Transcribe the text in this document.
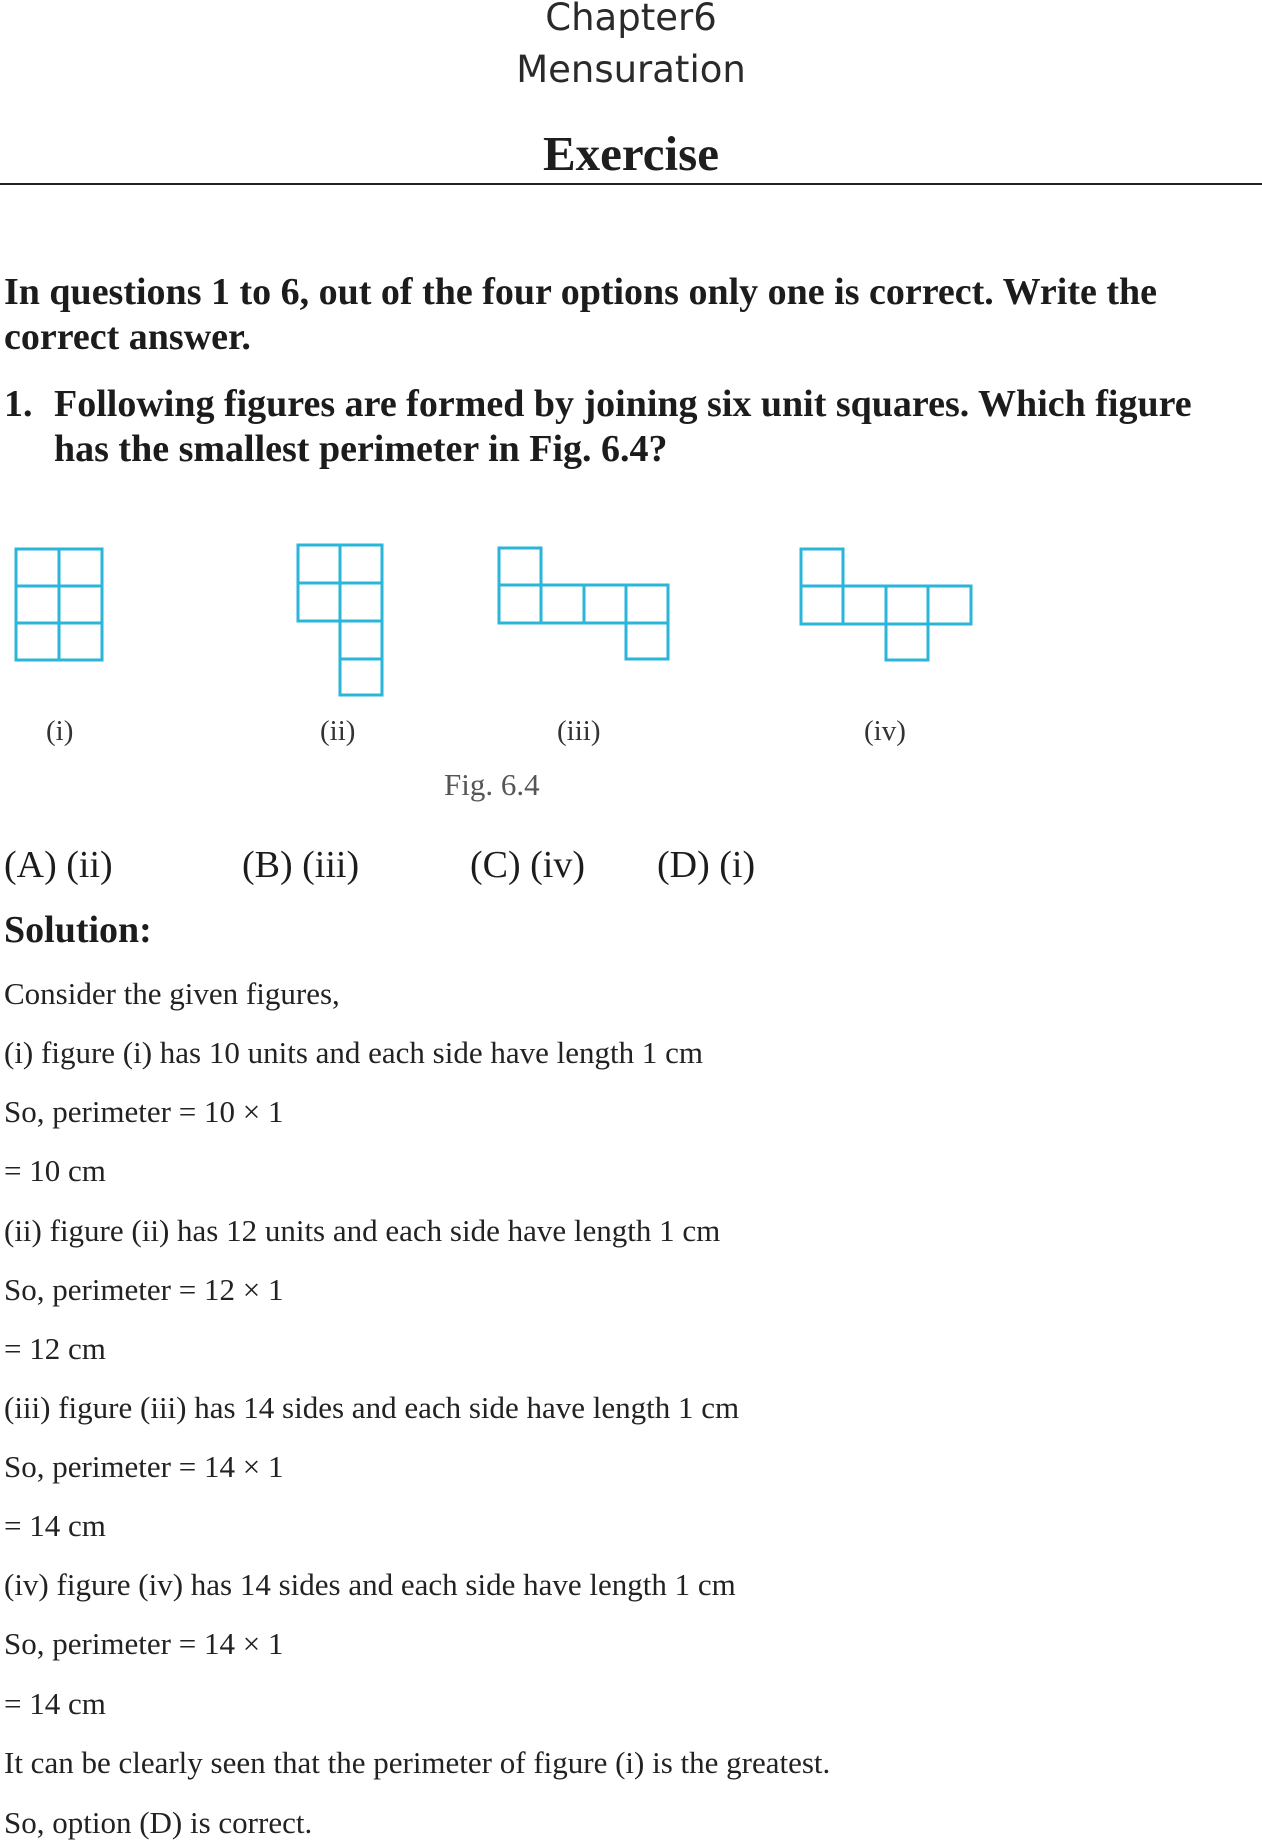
Chapter6
Mensuration
Exercise
In questions 1 to 6, out of the four options only one is correct. Write the correct answer.
1. Following figures are formed by joining six unit squares. Which figure
has the smallest perimeter in Fig. 6.4?
(i)	(ii)	(iii)	(iv)
Fig. 6.4
(A) (ii)	(B) (iii)	(C) (iv) (D) (i)
Solution:
Consider the given figures,
(i) figure (i) has 10 units and each side have length 1 cm
So, perimeter = 10 × 1
= 10 cm
(ii) figure (ii) has 12 units and each side have length 1 cm
So, perimeter = 12 × 1
= 12 cm
(iii) figure (iii) has 14 sides and each side have length 1 cm
So, perimeter = 14 × 1
= 14 cm
(iv) figure (iv) has 14 sides and each side have length 1 cm
So, perimeter = 14 × 1
= 14 cm
It can be clearly seen that the perimeter of figure (i) is the greatest.
So, option (D) is correct.
